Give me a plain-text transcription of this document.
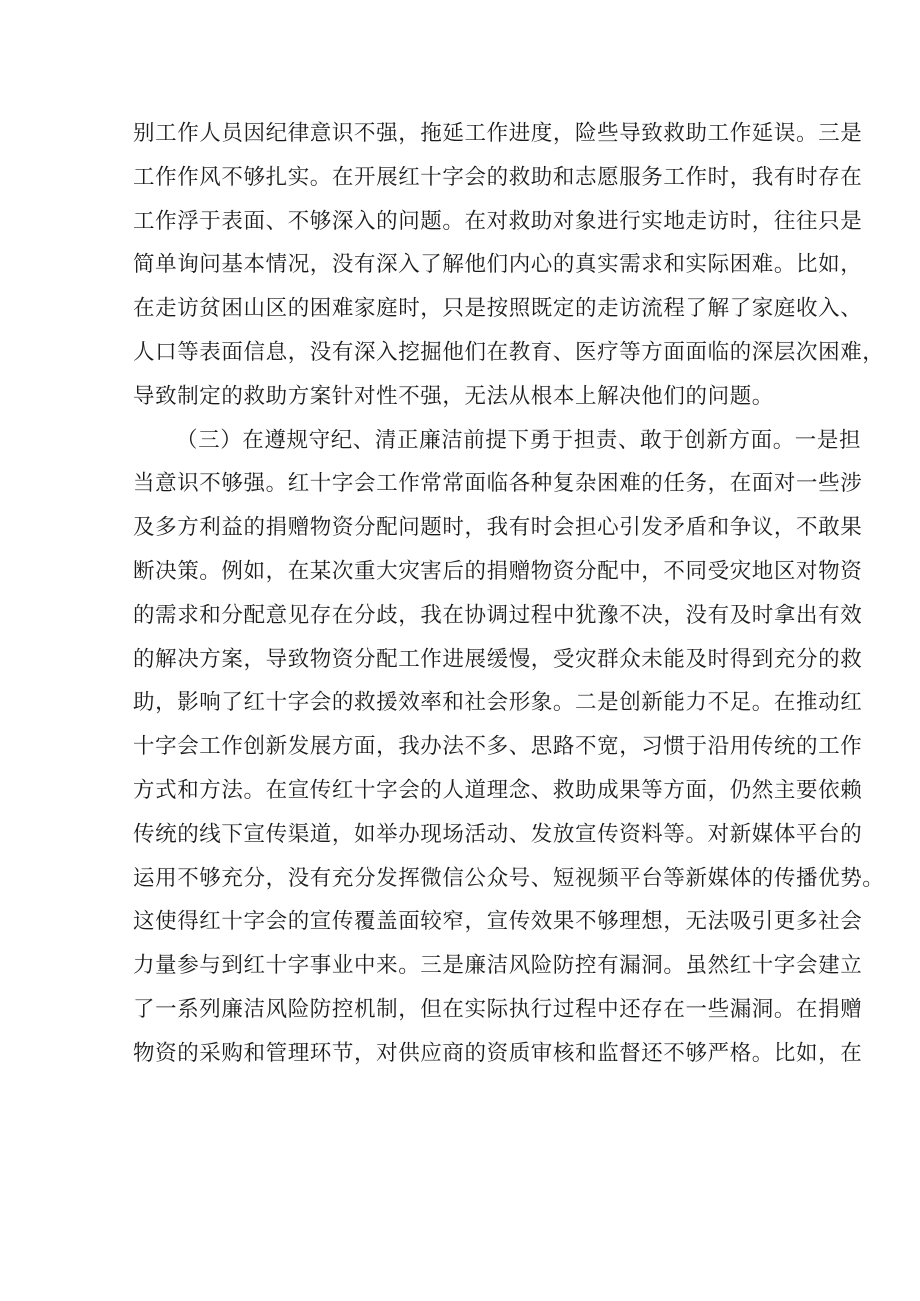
别工作人员因纪律意识不强，拖延工作进度，险些导致救助工作延误。三是
工作作风不够扎实。在开展红十字会的救助和志愿服务工作时，我有时存在
工作浮于表面、不够深入的问题。在对救助对象进行实地走访时，往往只是
简单询问基本情况，没有深入了解他们内心的真实需求和实际困难。比如，
在走访贫困山区的困难家庭时，只是按照既定的走访流程了解了家庭收入、
人口等表面信息，没有深入挖掘他们在教育、医疗等方面面临的深层次困难，
导致制定的救助方案针对性不强，无法从根本上解决他们的问题。
（三）在遵规守纪、清正廉洁前提下勇于担责、敢于创新方面。一是担
当意识不够强。红十字会工作常常面临各种复杂困难的任务，在面对一些涉
及多方利益的捐赠物资分配问题时，我有时会担心引发矛盾和争议，不敢果
断决策。例如，在某次重大灾害后的捐赠物资分配中，不同受灾地区对物资
的需求和分配意见存在分歧，我在协调过程中犹豫不决，没有及时拿出有效
的解决方案，导致物资分配工作进展缓慢，受灾群众未能及时得到充分的救
助，影响了红十字会的救援效率和社会形象。二是创新能力不足。在推动红
十字会工作创新发展方面，我办法不多、思路不宽，习惯于沿用传统的工作
方式和方法。在宣传红十字会的人道理念、救助成果等方面，仍然主要依赖
传统的线下宣传渠道，如举办现场活动、发放宣传资料等。对新媒体平台的
运用不够充分，没有充分发挥微信公众号、短视频平台等新媒体的传播优势。
这使得红十字会的宣传覆盖面较窄，宣传效果不够理想，无法吸引更多社会
力量参与到红十字事业中来。三是廉洁风险防控有漏洞。虽然红十字会建立
了一系列廉洁风险防控机制，但在实际执行过程中还存在一些漏洞。在捐赠
物资的采购和管理环节，对供应商的资质审核和监督还不够严格。比如，在
